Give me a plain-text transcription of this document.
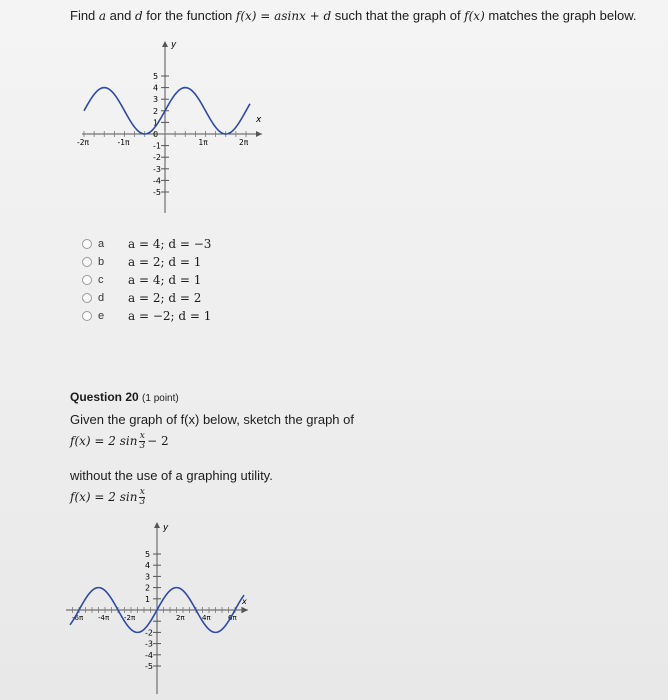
Find a and d for the function f(x) = asinx + d such that the graph of f(x) matches the graph below.
y
x
5
4
3
2
1
0
-1
-2
-3
-4
-5
-2π	-1π	1π	2π
a	a = 4; d = −3
b	a = 2; d = 1
c	a = 4; d = 1
d	a = 2; d = 2
e	a = −2; d = 1
Question 20 (1 point)
Given the graph of f(x) below, sketch the graph of
f(x) = 2 $\sin \frac{x}{3} - 2$
without the use of a graphing utility.
f(x) = 2 $\sin \frac{x}{3}$
y
x
5
4
3
2
1
-2
-3
-4
-5
-6π -4π -2π	2π 4π 6π
